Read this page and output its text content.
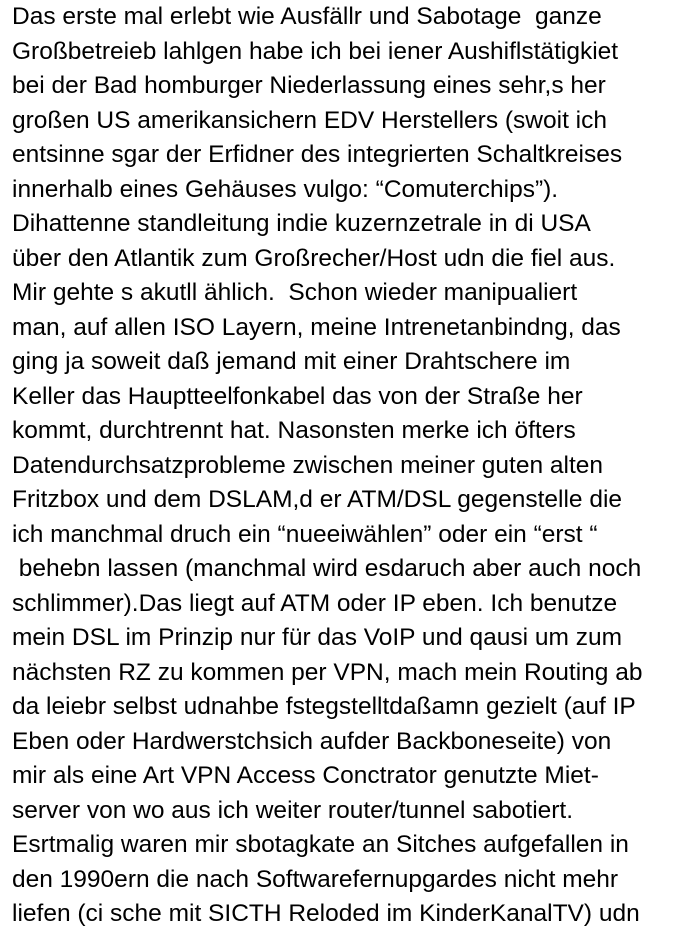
Das erste mal erlebt wie Ausfällr und Sabotage  ganze
Großbetreieb lahlgen habe ich bei iener Aushiflstätigkiet
bei der Bad homburger Niederlassung eines sehr,s her
großen US amerikansichern EDV Herstellers (swoit ich
entsinne sgar der Erfidner des integrierten Schaltkreises
innerhalb eines Gehäuses vulgo: “Comuterchips”).
Dihattenne standleitung indie kuzernzetrale in di USA
über den Atlantik zum Großrecher/Host udn die fiel aus.
Mir gehte s akutll ählich.  Schon wieder manipualiert
man, auf allen ISO Layern, meine Intrenetanbindng, das
ging ja soweit daß jemand mit einer Drahtschere im
Keller das Hauptteelfonkabel das von der Straße her
kommt, durchtrennt hat. Nasonsten merke ich öfters
Datendurchsatzprobleme zwischen meiner guten alten
Fritzbox und dem DSLAM,d er ATM/DSL gegenstelle die
ich manchmal druch ein “nueeiwählen” oder ein “erst “
behebn lassen (manchmal wird esdaruch aber auch noch
schlimmer).Das liegt auf ATM oder IP eben. Ich benutze
mein DSL im Prinzip nur für das VoIP und qausi um zum
nächsten RZ zu kommen per VPN, mach mein Routing ab
da leiebr selbst udnahbe fstegstelltdaßamn gezielt (auf IP
Eben oder Hardwerstchsich aufder Backboneseite) von
mir als eine Art VPN Access Conctrator genutzte Miet-
server von wo aus ich weiter router/tunnel sabotiert.
Esrtmalig waren mir sbotagkate an Sitches aufgefallen in
den 1990ern die nach Softwarefernupgardes nicht mehr
liefen (ci sche mit SICTH Reloded im KinderKanalTV) udn
